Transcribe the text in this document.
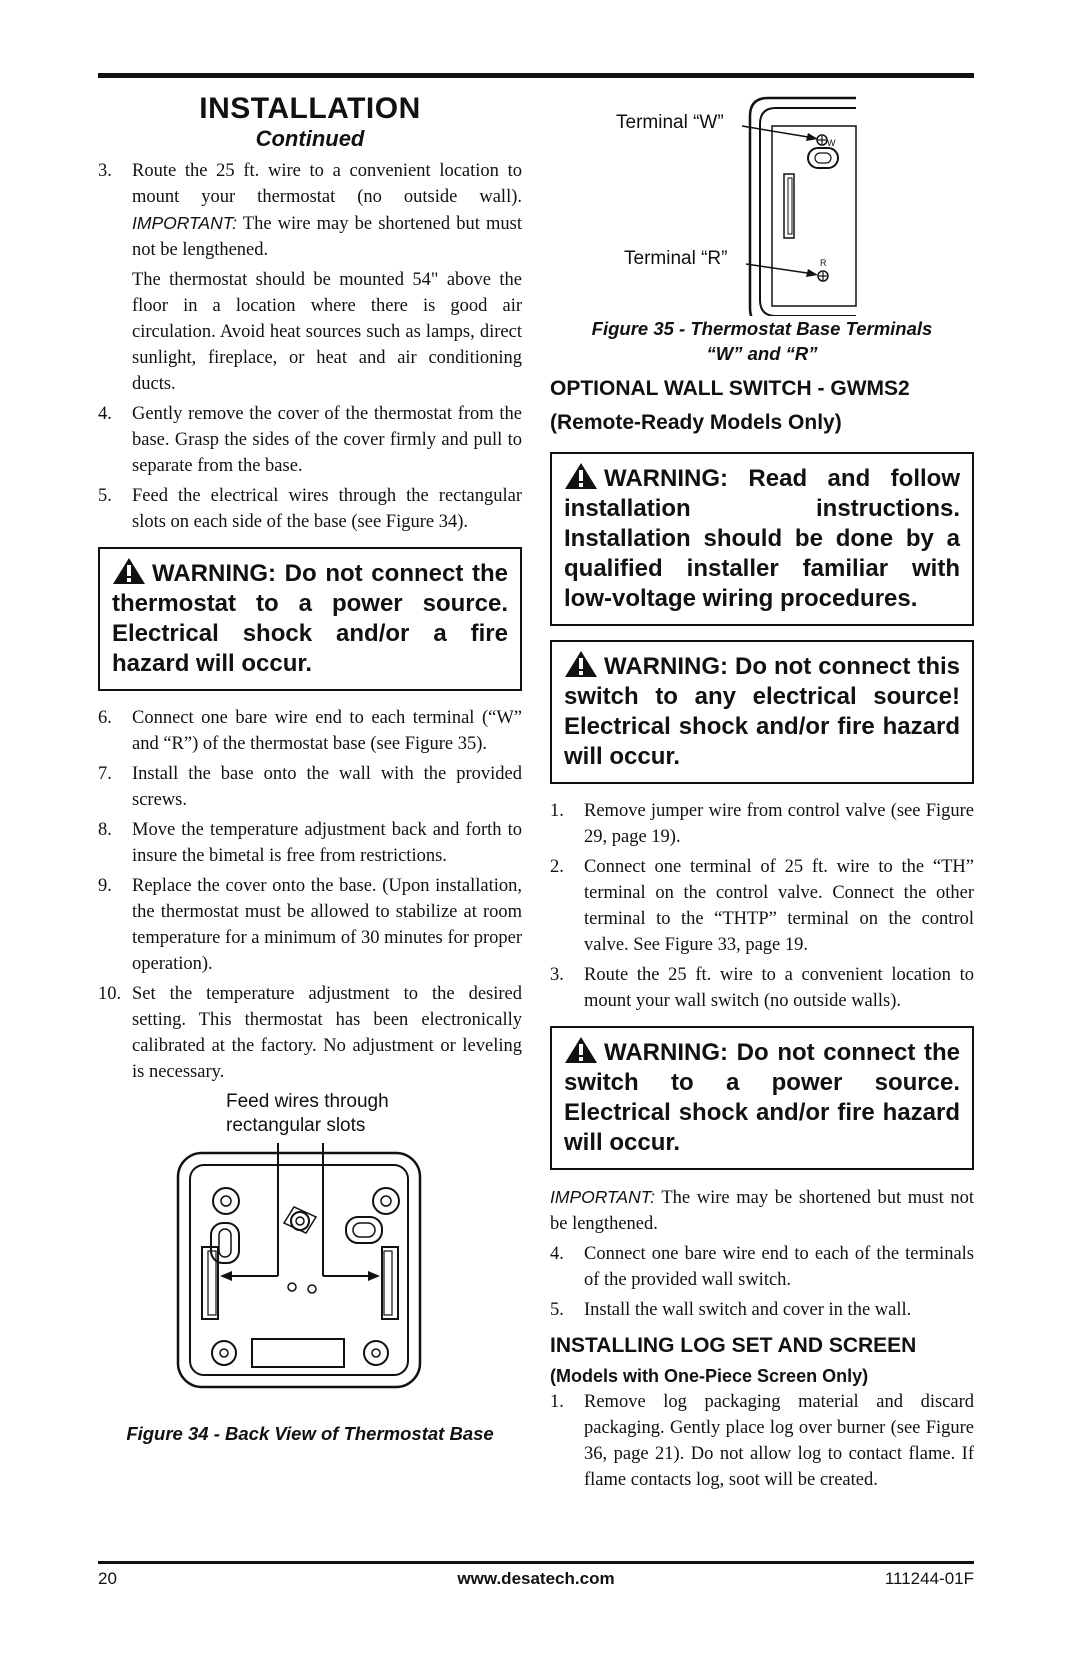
INSTALLATION
Continued
3. Route the 25 ft. wire to a convenient location to mount your thermostat (no outside wall). IMPORTANT: The wire may be shortened but must not be lengthened.
The thermostat should be mounted 54" above the floor in a location where there is good air circulation. Avoid heat sources such as lamps, direct sunlight, fireplace, or heat and air conditioning ducts.
4. Gently remove the cover of the thermostat from the base. Grasp the sides of the cover firmly and pull to separate from the base.
5. Feed the electrical wires through the rectangular slots on each side of the base (see Figure 34).
WARNING: Do not connect the thermostat to a power source. Electrical shock and/or a fire hazard will occur.
6. Connect one bare wire end to each terminal (“W” and “R”) of the thermostat base (see Figure 35).
7. Install the base onto the wall with the provided screws.
8. Move the temperature adjustment back and forth to insure the bimetal is free from restrictions.
9. Replace the cover onto the base. (Upon installation, the thermostat must be allowed to stabilize at room temperature for a minimum of 30 minutes for proper operation).
10. Set the temperature adjustment to the desired setting. This thermostat has been electronically calibrated at the factory. No adjustment or leveling is necessary.
Feed wires through
rectangular slots
Figure 34 - Back View of Thermostat Base
Terminal “W”
Terminal “R”
W
R
Figure 35 - Thermostat Base Terminals
“W” and “R”
OPTIONAL WALL SWITCH - GWMS2
(Remote-Ready Models Only)
WARNING: Read and follow installation instructions. Installation should be done by a qualified installer familiar with low-voltage wiring procedures.
WARNING: Do not connect this switch to any electrical source! Electrical shock and/or fire hazard will occur.
1. Remove jumper wire from control valve (see Figure 29, page 19).
2. Connect one terminal of 25 ft. wire to the “TH” terminal on the control valve. Connect the other terminal to the “THTP” terminal on the control valve. See Figure 33, page 19.
3. Route the 25 ft. wire to a convenient location to mount your wall switch (no outside walls).
WARNING: Do not connect the switch to a power source. Electrical shock and/or fire hazard will occur.
IMPORTANT: The wire may be shortened but must not be lengthened.
4. Connect one bare wire end to each of the terminals of the provided wall switch.
5. Install the wall switch and cover in the wall.
INSTALLING LOG SET AND SCREEN
(Models with One-Piece Screen Only)
1. Remove log packaging material and discard packaging. Gently place log over burner (see Figure 36, page 21). Do not allow log to contact flame. If flame contacts log, soot will be created.
20	www.desatech.com	111244-01F
